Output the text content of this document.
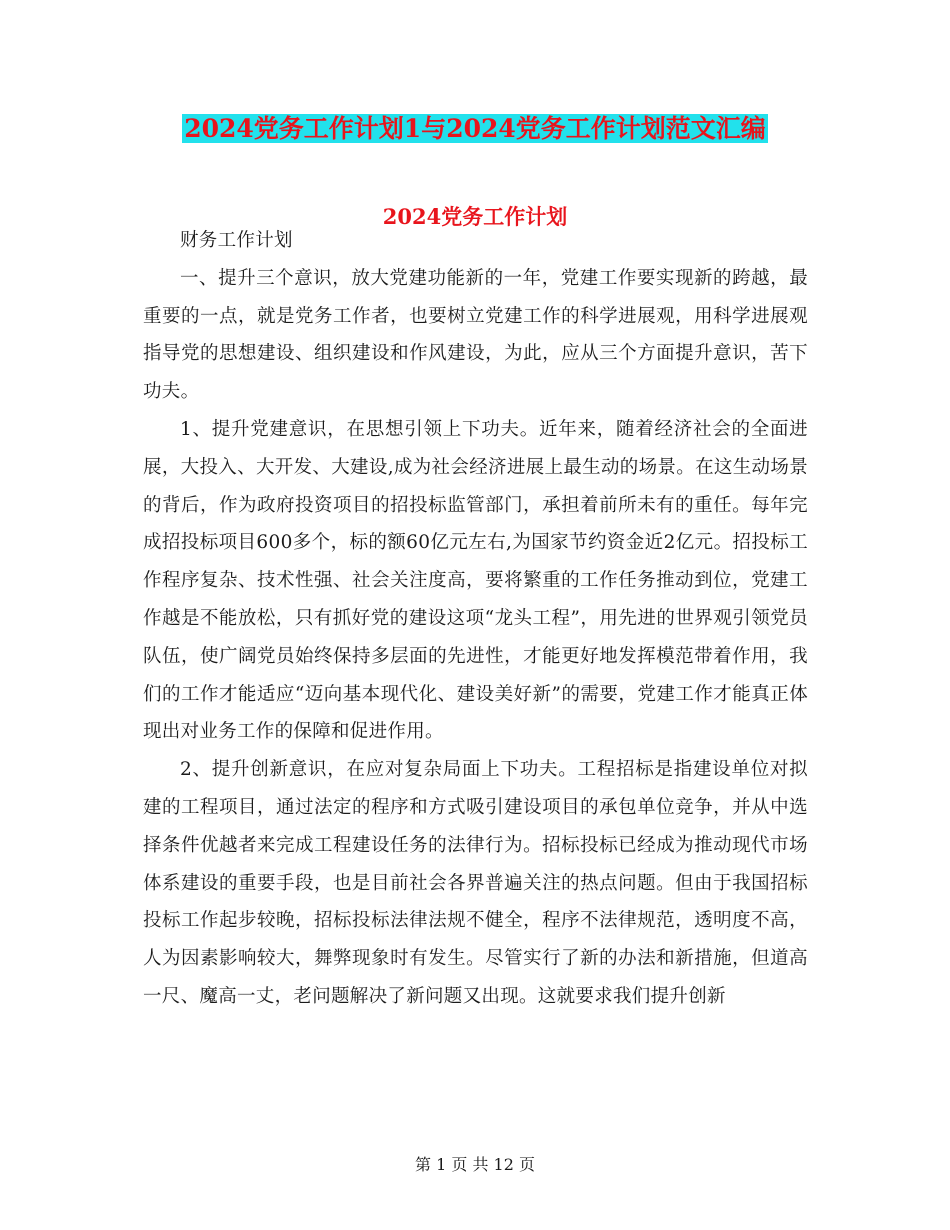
2024党务工作计划1与2024党务工作计划范文汇编
2024党务工作计划

财务工作计划

一、提升三个意识，放大党建功能新的一年，党建工作要实现新的跨越，最重要的一点，就是党务工作者，也要树立党建工作的科学进展观，用科学进展观指导党的思想建设、组织建设和作风建设，为此，应从三个方面提升意识，苦下功夫。

1、提升党建意识，在思想引领上下功夫。近年来，随着经济社会的全面进展，大投入、大开发、大建设,成为社会经济进展上最生动的场景。在这生动场景的背后，作为政府投资项目的招投标监管部门，承担着前所未有的重任。每年完成招投标项目600多个，标的额60亿元左右,为国家节约资金近2亿元。招投标工作程序复杂、技术性强、社会关注度高，要将繁重的工作任务推动到位，党建工作越是不能放松，只有抓好党的建设这项“龙头工程”，用先进的世界观引领党员队伍，使广阔党员始终保持多层面的先进性，才能更好地发挥模范带着作用，我们的工作才能适应“迈向基本现代化、建设美好新”的需要，党建工作才能真正体现出对业务工作的保障和促进作用。

2、提升创新意识，在应对复杂局面上下功夫。工程招标是指建设单位对拟建的工程项目，通过法定的程序和方式吸引建设项目的承包单位竞争，并从中选择条件优越者来完成工程建设任务的法律行为。招标投标已经成为推动现代市场体系建设的重要手段，也是目前社会各界普遍关注的热点问题。但由于我国招标投标工作起步较晚，招标投标法律法规不健全，程序不法律规范，透明度不高，人为因素影响较大，舞弊现象时有发生。尽管实行了新的办法和新措施，但道高一尺、魔高一丈，老问题解决了新问题又出现。这就要求我们提升创新

第 1 页 共 12 页
